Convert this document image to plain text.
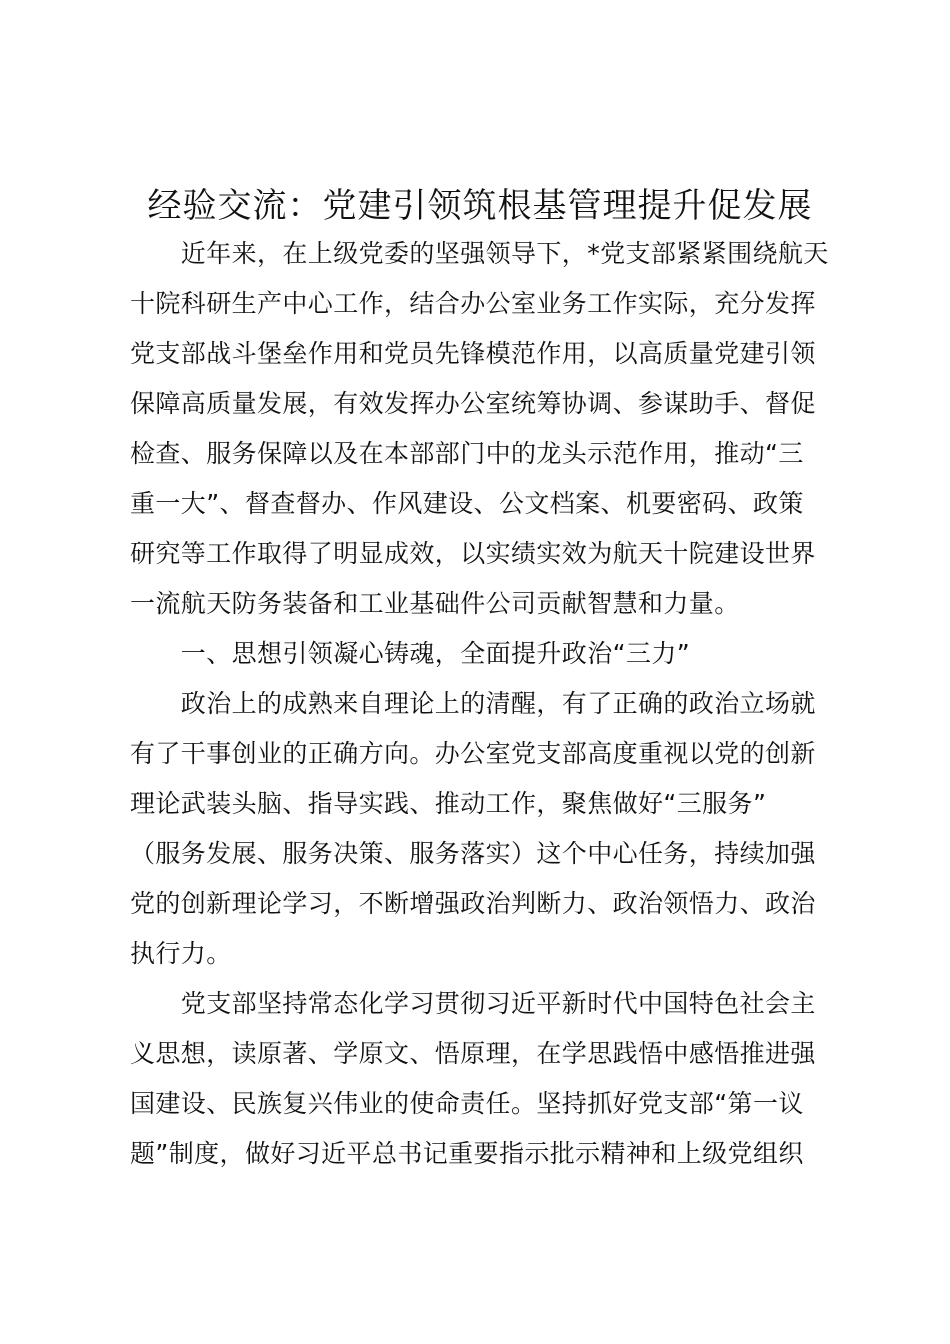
经验交流：党建引领筑根基管理提升促发展
　　近年来，在上级党委的坚强领导下，*党支部紧紧围绕航天
十院科研生产中心工作，结合办公室业务工作实际，充分发挥
党支部战斗堡垒作用和党员先锋模范作用，以高质量党建引领
保障高质量发展，有效发挥办公室统筹协调、参谋助手、督促
检查、服务保障以及在本部部门中的龙头示范作用，推动“三
重一大”、督查督办、作风建设、公文档案、机要密码、政策
研究等工作取得了明显成效，以实绩实效为航天十院建设世界
一流航天防务装备和工业基础件公司贡献智慧和力量。
　　一、思想引领凝心铸魂，全面提升政治“三力”
　　政治上的成熟来自理论上的清醒，有了正确的政治立场就
有了干事创业的正确方向。办公室党支部高度重视以党的创新
理论武装头脑、指导实践、推动工作，聚焦做好“三服务”
（服务发展、服务决策、服务落实）这个中心任务，持续加强
党的创新理论学习，不断增强政治判断力、政治领悟力、政治
执行力。
　　党支部坚持常态化学习贯彻习近平新时代中国特色社会主
义思想，读原著、学原文、悟原理，在学思践悟中感悟推进强
国建设、民族复兴伟业的使命责任。坚持抓好党支部“第一议
题”制度，做好习近平总书记重要指示批示精神和上级党组织
